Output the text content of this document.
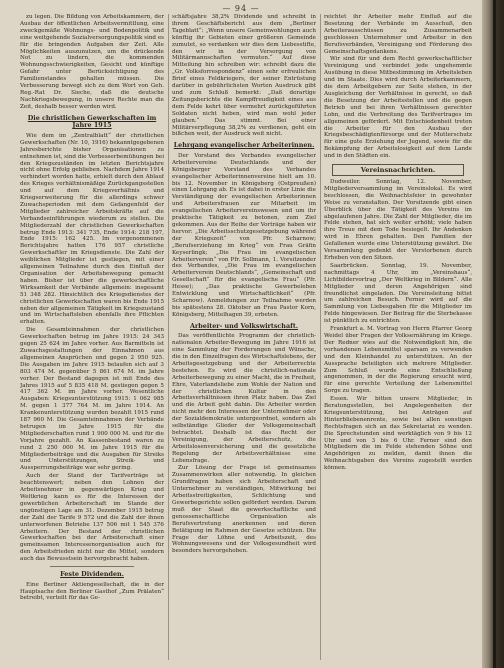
— 94 —

zu legen. Die Bildung von Arbeitskammern, der Ausbau der öffentlichen Arbeitsvermittlung, eine zweckgemäße Wohnungs- und Bodenpolitik und eine weitgehende Sozialversorgungspolitik sind es für die bringenden Aufgaben der Zeit. Alle Möglichkeiten auszunutzen, um die drückende Not zu lindern, die kommenden Wohnungsschwierigkeiten, Gesicht und künftige Gefahr unter Berücksichtigung des Familienstandes gehalten müssen. Die Verbesserung bewegt sich zu dem Wort von Geh. Reg.-Rat Dr. Sieche, daß die deutsche Nachkriegsbewegung, in unsere Rechte man die Zeit, deshalb besser werden wird.

Die christlichen Gewerkschaften im Jahre 1915

Wie dem im „Zentralblatt“ der christlichen Gewerkschaften (Nr. 10, 1916) bekanntgegebenen Jahresberichte bisher Organisationen zu entnehmen ist, sind die Verbesserbemühungen bei den Kriegszuständen im letzten Berichtsjahre nicht ohne Erfolg geblieben. Nachdem Jahre 1914 verhindert worden hatte, erhielt durch den Ablauf des Krieges verhältnismäßige Zurückgangsstellen und auf dem Kriegsverhältnis und Kriegserweiterung für die allerdings schwer Zuwachsperioden mit dem Gefangenfeld der Mitglieder zahlreicher Arbeitskräfte auf die Verbandseinführungen wiederum zu stellen. Die Mitgliederzahl der christlichen Gewerkschaften betrug Ende 1913: 341 735, Ende 1914: 218 197, Ende 1915: 162 425. Im vorgenommenen Berichtsjahre hatten 176 957 christliche Gewerkschaftler im Kriegsdienste. Die Zahl der weiblichen Mitglieder ist gestiegen, mit einer allgemeinen Teilnahme durch den Einfluß der Organisation der Arbeitsbewegung gemacht haben. Bisher ist über die gewerkschaftliche Wirksamkeit der Verbände allgemein: insgesamt 51 348 282. Hinsichtlich des Kriegsdienstes der christlichen Gewerkschaften waren bis Ende 1915 neben der allgemeinen Tätigkeit im Kriegszustand und im Wirtschaftsleben ebenfalls ihre Pflichten erhalten.

Die Gesamteinnahmen der christlichen Gewerkschaften betrug im Jahre 1915: 24 343 gegen 25 624 im Jahre vorher. Aus Barmitteln ist Zuwachsgestaltungen der Einnahmen aus allgemeinen Ansprüchen und gegen 2 950 925. Die Ausgaben im Jahre 1915 belaufen sich auf 3 803 474 M. gegenüber 5 861 674 M. im Jahre vorher. Der Bestand dagegen ist mit Ende des Jahres 1915 auf 5 835 418 M. gestiegen gegen 5 417 362 M. im Jahre vorher. Wesentliche Ausgaben: Kriegsunterstützung 1915: 1 062 985 M. gegen 1 377 764 M. im Jahre 1914. An Krankenunterstützung wurden bezahlt 1915 rund 187 960 M. Die Gesamteinnahmen der Verbände betrugen im Jahre 1915 für die Mitgliederschaften rund 1 900 000 M. und für die Vorjahre gezahlt. An Kassenbestand waren zu rund 2 250 000 M. im Jahre 1915 für die Mitgliederbeiträge und die Ausgaben für Streiks und Unterstützungen, Streik- und Aussperrungsbeiträge war sehr gering.

Auch der Stand der Tarifverträge ist beachtenswert; neben den Lohnen der Arbeitsnehmer in gegenwärtigen Krieg und Weltkrieg kann es für die Interessen der gewerblichen Arbeiterschaft im Stande der ungünstigen Lage am 31. Dezember 1915 betrug der Zahl der Tarife 9 572 und die Zahl der ihnen unterworfenen Betriebe 137 506 mit 1 545 376 Arbeitern. Der Bestand der christlichen Gewerkschaften bei der Arbeiterschaft einer gemeinsamen Interessenorganisation auch für den Arbeitsfrieden nicht nur die Mittel, sondern auch das Bewusstsein hervorgebracht haben.

Feste Dividenden.

Eine Berliner Aktiengesellschaft, die in der Hauptsache den Berliner Gasthof „Zum Prälaten“ betreibt, verteilt für das Ge-

schäftsjahre 38,2% Dividende und schreibt in ihrem Geschäftsbericht aus dem „Berliner Tageblatt“: „Wenn unsere Gemeinwohlungen auch künftig ihr Gebieten einer größeren Gemeinde zumutet, so verdanken wir dies dem Liebesstifte, den wir in der Versorgung von Militärmannschaften vermuten.“ Auf diese Mitteilung hin schreiben wir: schreibt dazu die „Gr. Volksforrespondenz“ einen sehr erfreulichen Brief eines Feldkriegers, der seiner Entrüstung darüber in gebührlichsten Worten Ausdruck gibt und zum Schluß bemerkt: „Daß derartige Zeitungsberichte die Kampffreudigkeit eines aus dem Felde kehrt über vermehrt zurückgeführten Soldaten nicht heben, wird man wohl jeder glauben.“ Das stimmt. Bei einer Militärverpflegung 38,2% zu verdienen, geht ein bißchen weit, der Ausdruck weit nicht.

Lehrgang evangelischer Arbeiterinnen.

Der Vorstand des Verbandes evangelischer Arbeitervereine Deutschlands und der Königsberger Vorstand des Verbandes evangelischer Arbeiterinnenvereine hielt am 10. bis 12. November in Königsberg (Ostpreußen) einen Lehrgang ab. Es ist dabei in erster Linie die Verständigung der evangelischen Arbeiterinnen und Arbeitersfrauen zur Mitarbeit im evangelischen Arbeitervereinswesen und um ihr praktische Tätigkeit zu betonen, zum Ziel gekommen. Aus der Reihe der Vorträge haben wir hervor: „Die Arbeitsschutzgesetzgebung während der Kriegszeit“ von Pfr. Scharnow; „Berufserziehung im Krieg“ von Frau Gräfin Keyserlingk; „Die Frau im evangelischen Arbeiterverein“ von Pfr. Sollmann, 1. Vorsitzender des Verbandes, „Die Frau im evangelischen Arbeiterverein Deutschlands“, „Gemeinschaft und Gesellschaft“ für die evangelische Frau“ (Pfr. Hesse); „Das praktische Gewerbeleben Entwicklung und Wirtschaftlichkeit“ (Pfr. Scharnow). Anmeldungen zur Teilnahme werden bis spätestens 28. Oktober an Frau Pastor Korn, Königsberg, Mittelhagen 39, erbeten.

Arbeiter- und Volkswirtschaft.

Das veröffentlichte Programm der christlich-nationalen Arbeiter-Bewegung im Jahre 1916 ist eine Sammlung der Forderungen und Wünsche, die in den Einzelfragen des Wirtschaftslebens, der Arbeitsgesetzgebung und der Arbeiterrechte bestehen. Es wird die christlich-nationale Arbeiterbewegung zu einer Macht, die in Freiheit, Ehre, Vaterlandsliebe zum Wohle der Nation und der christlichen Kultur in den Arbeitsverhältnissen ihren Platz haben. Das Ziel und die Arbeit geht dahin. Die Arbeiter werden nicht mehr den Interessen der Unternehmer oder der Sozialdemokratie untergeordnet, sondern als selbständige Glieder der Volksgemeinschaft betrachtet. Deshalb ist das Recht der Vereinigung, der Arbeiterschutz, die Arbeitslosenversicherung und die gesetzliche Regelung der Arbeitsverhältnisse eine Lebensfrage.

Zur Lösung der Frage ist gemeinsames Zusammenwirken aller notwendig. In gleichen Grundfragen haben sich Arbeiterschaft und Unternehmer zu verständigen, Mitwirkung bei Arbeitsstreitigkeiten, Schlichtung und Gewerbegerichte sollen gefördert werden. Darum muß der Staat die gewerkschaftliche und genossenschaftliche Organisation als Berufsvertretung anerkennen und deren Betätigung im Rahmen der Gesetze schützen. Die Frage der Löhne und Arbeitszeit, des Wohnungswesens und der Volksgesundheit wird besonders hervorgehoben.

reichtet ihr Arbeiter mehr Einfluß auf die Besetzung der Verbände im Ausschuß, den Arbeiterausschüssen zu Zusammenarbeit geschlossen Unternehmer und Arbeiter in den Berufsverbänden, Vereinigung und Förderung des Gemeinschaftsgedankens.

Wir sind für und dem Recht gewerkschaftlicher Vereinigung und verbindet jede ungehemmte Ausübung in diese Mitbestimmung im Arbeitsleben und im Staate. Dies wird durch Arbeiterkammern, die dem Arbeitgebern zur Seite stehen, in der Ausgleichung der Verhältnisse in gerecht, so daß die Besetzung der Arbeitsstellen und die gegen Betrieb und bei ihren Verhältnissen gerechter Lohn, und die Verbreitung des Tarifvertrages im allgemeinen gefördert. Mit Entschiedenheit treten die Arbeiter für den Ausbau der Kriegsbeschädigtenfürsorge und der Mutterschutz für eine gute Erziehung der Jugend, sowie für die Bekämpfung der Arbeitslosigkeit auf dem Lande und in den Städten ein.

Vereinsnachrichten.

Dudweiler. Sonntag, 12. November, Mitgliederversammlung im Vereinslokal. Es wird beschlossen, die Weihnachtsfeier in gewohnter Weise zu veranstalten. Der Vorsitzende gibt einen Überblick über die Tätigkeit des Vereins im abgelaufenen Jahre. Die Zahl der Mitglieder, die im Felde stehen, hat sich weiter erhöht; viele haben ihre Treue mit dem Tode besiegelt. Ihr Andenken wird in Ehren gehalten. Den Familien der Gefallenen wurde eine Unterstützung gewährt. Die Versammlung gedenkt der Verstorbenen durch Erheben von den Sitzen.

Saarbrücken. Sonntag, 19. November, nachmittags 4 Uhr, im „Vereinshaus“, Lichtbildervortrag „Der Weltkrieg in Bildern“. Alle Mitglieder und deren Angehörigen sind freundlichst eingeladen. Die Vereinsleitung bittet um zahlreichen Besuch. Ferner wird auf die Sammlung von Liebesgaben für die Mitglieder im Felde hingewiesen. Der Beitrag für die Sterbekasse ist pünktlich zu entrichten.

Frankfurt a. M. Vortrag von Herrn Pfarrer Georg Weidel über Fragen der Volksernährung im Kriege. Der Redner wies auf die Notwendigkeit hin, die vorhandenen Lebensmittel sparsam zu verwenden und den Kleinhandel zu unterstützen. An der Aussprache beteiligten sich mehrere Mitglieder. Zum Schluß wurde eine Entschließung angenommen, in der die Regierung ersucht wird, für eine gerechte Verteilung der Lebensmittel Sorge zu tragen.

Essen. Wir bitten unsere Mitglieder, in Beratungsstellen, bei Angelegenheiten der Kriegsunterstützung, bei Anträgen auf Hinterbliebenenrente, sowie bei allen sonstigen Rechtsfragen sich an das Sekretariat zu wenden. Die Sprechstunden sind werktäglich von 9 bis 12 Uhr und von 3 bis 6 Uhr. Ferner sind den Mitgliedern die im Felde stehenden Söhne und Angehörigen zu melden, damit ihnen die Weihnachtsgaben des Vereins zugestellt werden können.
